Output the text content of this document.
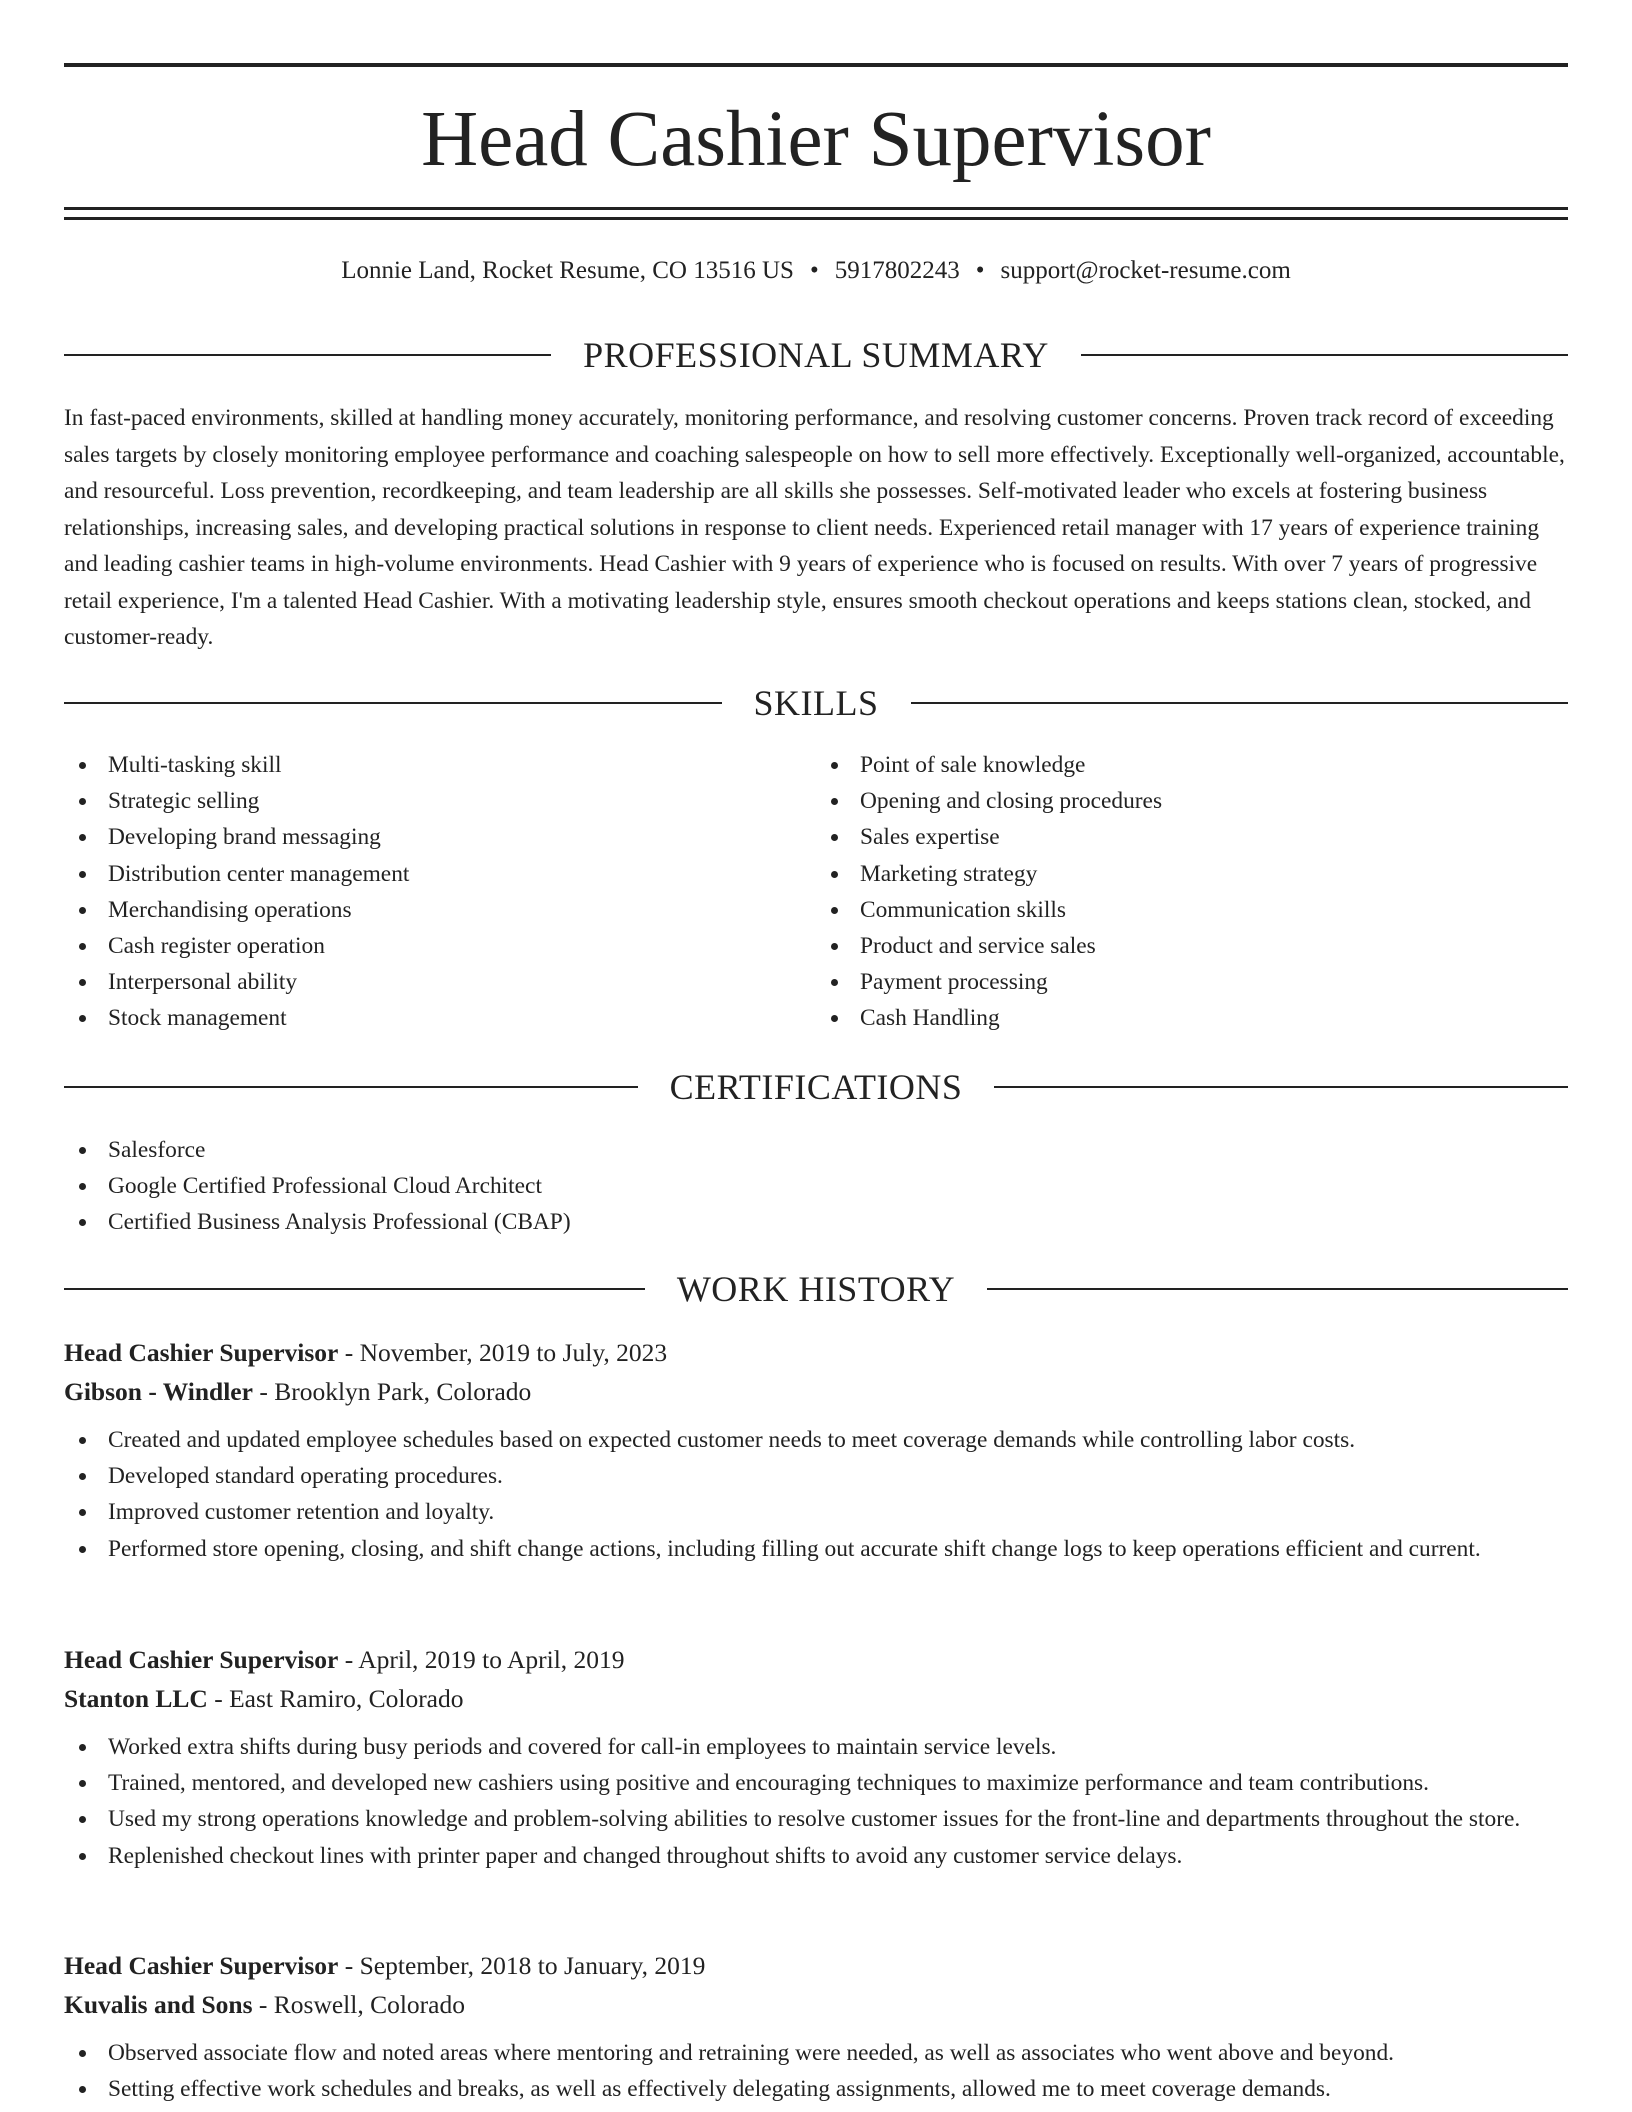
Head Cashier Supervisor
Lonnie Land, Rocket Resume, CO 13516 US • 5917802243 • support@rocket-resume.com
PROFESSIONAL SUMMARY

In fast-paced environments, skilled at handling money accurately, monitoring performance, and resolving customer concerns. Proven track record of exceeding sales targets by closely monitoring employee performance and coaching salespeople on how to sell more effectively. Exceptionally well-organized, accountable, and resourceful. Loss prevention, recordkeeping, and team leadership are all skills she possesses. Self-motivated leader who excels at fostering business relationships, increasing sales, and developing practical solutions in response to client needs. Experienced retail manager with 17 years of experience training and leading cashier teams in high-volume environments. Head Cashier with 9 years of experience who is focused on results. With over 7 years of progressive retail experience, I'm a talented Head Cashier. With a motivating leadership style, ensures smooth checkout operations and keeps stations clean, stocked, and customer-ready.

SKILLS
Multi-tasking skill
Strategic selling
Developing brand messaging
Distribution center management
Merchandising operations
Cash register operation
Interpersonal ability
Stock management
Point of sale knowledge
Opening and closing procedures
Sales expertise
Marketing strategy
Communication skills
Product and service sales
Payment processing
Cash Handling
CERTIFICATIONS
Salesforce
Google Certified Professional Cloud Architect
Certified Business Analysis Professional (CBAP)
WORK HISTORY
Head Cashier Supervisor - November, 2019 to July, 2023
Gibson - Windler - Brooklyn Park, Colorado
Created and updated employee schedules based on expected customer needs to meet coverage demands while controlling labor costs.
Developed standard operating procedures.
Improved customer retention and loyalty.
Performed store opening, closing, and shift change actions, including filling out accurate shift change logs to keep operations efficient and current.
Head Cashier Supervisor - April, 2019 to April, 2019
Stanton LLC - East Ramiro, Colorado
Worked extra shifts during busy periods and covered for call-in employees to maintain service levels.
Trained, mentored, and developed new cashiers using positive and encouraging techniques to maximize performance and team contributions.
Used my strong operations knowledge and problem-solving abilities to resolve customer issues for the front-line and departments throughout the store.
Replenished checkout lines with printer paper and changed throughout shifts to avoid any customer service delays.
Head Cashier Supervisor - September, 2018 to January, 2019
Kuvalis and Sons - Roswell, Colorado
Observed associate flow and noted areas where mentoring and retraining were needed, as well as associates who went above and beyond.
Setting effective work schedules and breaks, as well as effectively delegating assignments, allowed me to meet coverage demands.
